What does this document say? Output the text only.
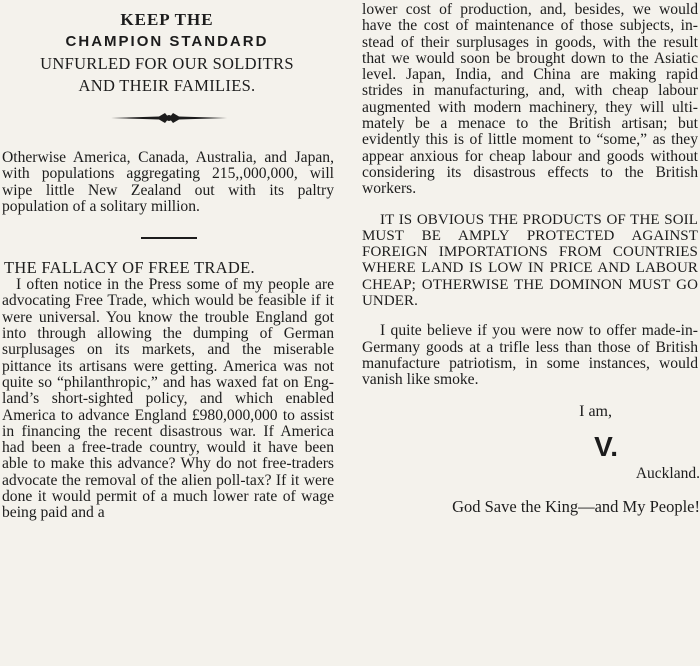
KEEP THE

CHAMPION STANDARD

UNFURLED FOR OUR SOLDITRS

AND THEIR FAMILIES.

Otherwise America, Canada, Australia, and Japan, with populations aggregating 215,,000,000, will wipe little New Zealand out with its paltry population of a solitary million.

THE FALLACY OF FREE TRADE.

I often notice in the Press some of my people are advocating Free Trade, which would be feasible if it were universal. You know the trouble England got into through allowing the dumping of German surplusages on its markets, and the miserable pittance its artisans were getting. America was not quite so “philanthropic,” and has waxed fat on England’s short-sighted policy, and which enabled America to advance England £980,000,000 to assist in financing the recent disastrous war. If America had been a free-trade country, would it have been able to make this advance? Why do not free-traders advocate the removal of the alien poll-tax? If it were done it would permit of a much lower rate of wage being paid and a

lower cost of production, and, besides, we would have the cost of maintenance of those subjects, instead of their surplusages in goods, with the result that we would soon be brought down to the Asiatic level. Japan, India, and China are making rapid strides in manufacturing, and, with cheap labour augmented with modern machinery, they will ultimately be a menace to the British artisan; but evidently this is of little moment to “some,” as they appear anxious for cheap labour and goods without considering its disastrous effects to the British workers.

IT IS OBVIOUS THE PRODUCTS OF THE SOIL MUST BE AMPLY PROTECTED AGAINST FOREIGN IMPORTATIONS FROM COUNTRIES WHERE LAND IS LOW IN PRICE AND LABOUR CHEAP; OTHERWISE THE DOMINON MUST GO UNDER.

I quite believe if you were now to offer made-in-Germany goods at a trifle less than those of British manufacture patriotism, in some instances, would vanish like smoke.

I am,

V.

Auckland.

God Save the King—and My People!
